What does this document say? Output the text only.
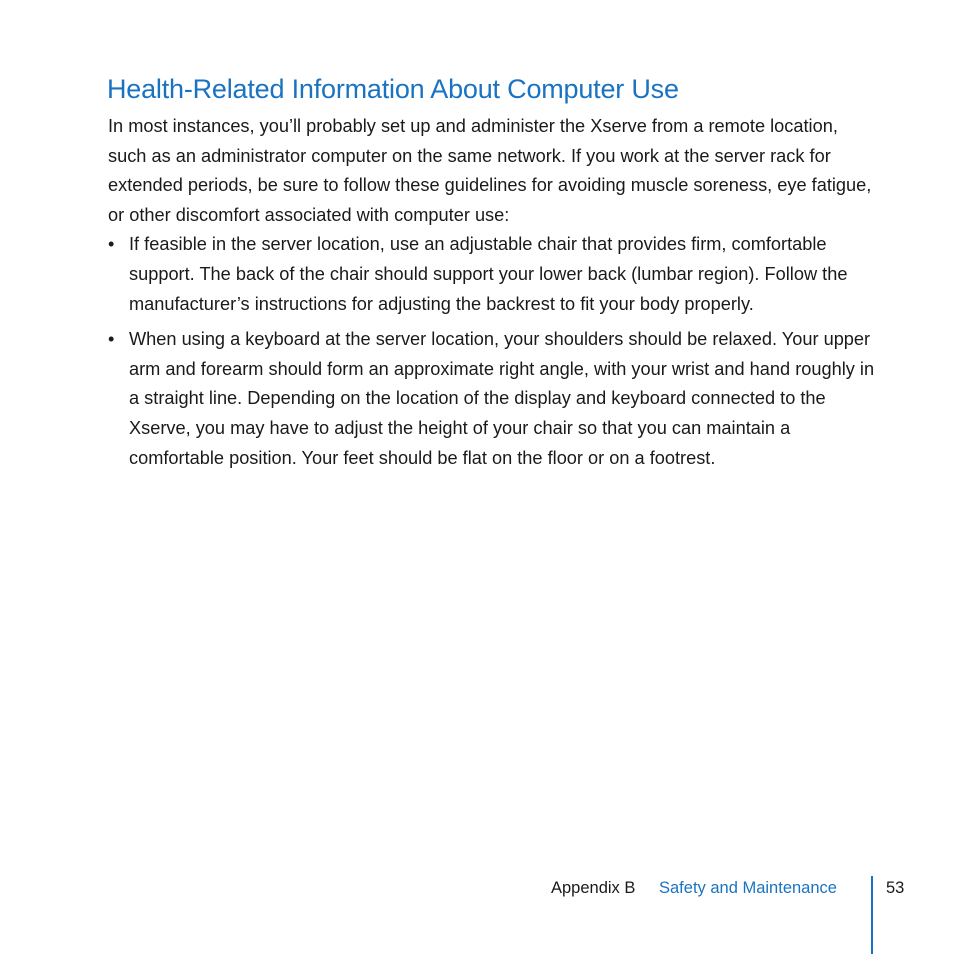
Health-Related Information About Computer Use

In most instances, you’ll probably set up and administer the Xserve from a remote location, such as an administrator computer on the same network. If you work at the server rack for extended periods, be sure to follow these guidelines for avoiding muscle soreness, eye fatigue, or other discomfort associated with computer use:

• If feasible in the server location, use an adjustable chair that provides firm, comfortable support. The back of the chair should support your lower back (lumbar region). Follow the manufacturer’s instructions for adjusting the backrest to fit your body properly.
• When using a keyboard at the server location, your shoulders should be relaxed. Your upper arm and forearm should form an approximate right angle, with your wrist and hand roughly in a straight line. Depending on the location of the display and keyboard connected to the Xserve, you may have to adjust the height of your chair so that you can maintain a comfortable position. Your feet should be flat on the floor or on a footrest.
Appendix B Safety and Maintenance	53
